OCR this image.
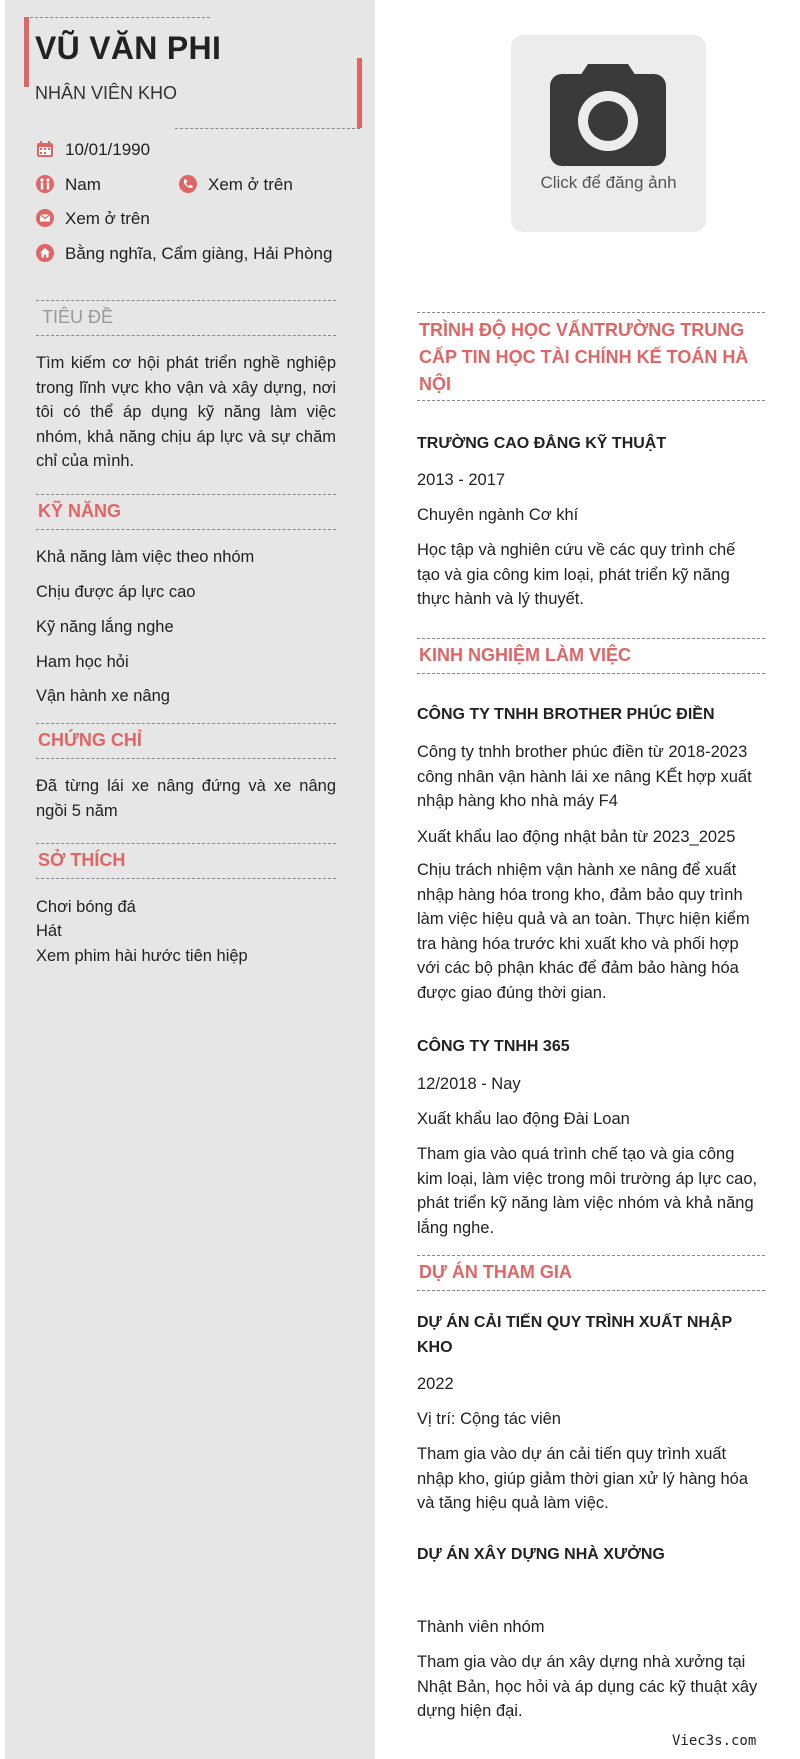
VŨ VĂN PHI
NHÂN VIÊN KHO
10/01/1990
Nam	Xem ở trên
Xem ở trên
Bằng nghĩa, Cẩm giàng, Hải Phòng
TIÊU ĐỀ
Tìm kiếm cơ hội phát triển nghề nghiệp trong lĩnh vực kho vận và xây dựng, nơi tôi có thể áp dụng kỹ năng làm việc nhóm, khả năng chịu áp lực và sự chăm chỉ của mình.
KỸ NĂNG
Khả năng làm việc theo nhóm
Chịu được áp lực cao
Kỹ năng lắng nghe
Ham học hỏi
Vận hành xe nâng
CHỨNG CHỈ
Đã từng lái xe nâng đứng và xe nâng ngồi 5 năm
SỞ THÍCH
Chơi bóng đá
Hát
Xem phim hài hước tiên hiệp
Click để đăng ảnh
TRÌNH ĐỘ HỌC VẤNTRƯỜNG TRUNG CẤP TIN HỌC TÀI CHÍNH KẾ TOÁN HÀ NỘI
TRƯỜNG CAO ĐẲNG KỸ THUẬT
2013 - 2017
Chuyên ngành Cơ khí
Học tập và nghiên cứu về các quy trình chế tạo và gia công kim loại, phát triển kỹ năng thực hành và lý thuyết.
KINH NGHIỆM LÀM VIỆC
CÔNG TY TNHH BROTHER PHÚC ĐIỀN
Công ty tnhh brother phúc điền từ 2018-2023 công nhân vận hành lái xe nâng KẾt hợp xuất nhập hàng kho nhà máy F4
Xuất khẩu lao động nhật bản từ 2023_2025
Chịu trách nhiệm vận hành xe nâng để xuất nhập hàng hóa trong kho, đảm bảo quy trình làm việc hiệu quả và an toàn. Thực hiện kiểm tra hàng hóa trước khi xuất kho và phối hợp với các bộ phận khác để đảm bảo hàng hóa được giao đúng thời gian.
CÔNG TY TNHH 365
12/2018 - Nay
Xuất khẩu lao động Đài Loan
Tham gia vào quá trình chế tạo và gia công kim loại, làm việc trong môi trường áp lực cao, phát triển kỹ năng làm việc nhóm và khả năng lắng nghe.
DỰ ÁN THAM GIA
DỰ ÁN CẢI TIẾN QUY TRÌNH XUẤT NHẬP KHO
2022
Vị trí: Cộng tác viên
Tham gia vào dự án cải tiến quy trình xuất nhập kho, giúp giảm thời gian xử lý hàng hóa và tăng hiệu quả làm việc.
DỰ ÁN XÂY DỰNG NHÀ XƯỞNG
Thành viên nhóm
Tham gia vào dự án xây dựng nhà xưởng tại Nhật Bản, học hỏi và áp dụng các kỹ thuật xây dựng hiện đại.
Viec3s.com
